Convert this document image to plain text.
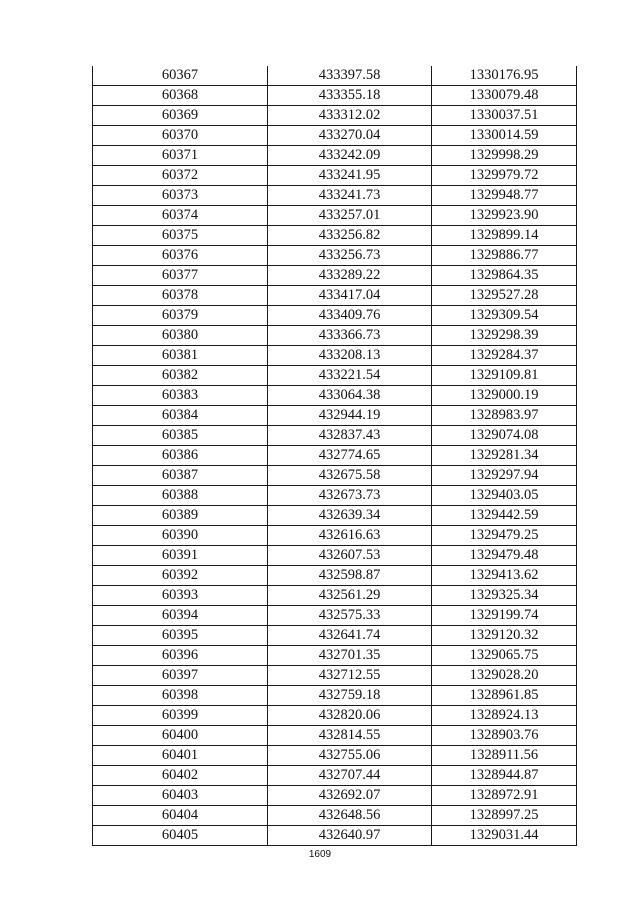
60367	433397.58	1330176.95
60368	433355.18	1330079.48
60369	433312.02	1330037.51
60370	433270.04	1330014.59
60371	433242.09	1329998.29
60372	433241.95	1329979.72
60373	433241.73	1329948.77
60374	433257.01	1329923.90
60375	433256.82	1329899.14
60376	433256.73	1329886.77
60377	433289.22	1329864.35
60378	433417.04	1329527.28
60379	433409.76	1329309.54
60380	433366.73	1329298.39
60381	433208.13	1329284.37
60382	433221.54	1329109.81
60383	433064.38	1329000.19
60384	432944.19	1328983.97
60385	432837.43	1329074.08
60386	432774.65	1329281.34
60387	432675.58	1329297.94
60388	432673.73	1329403.05
60389	432639.34	1329442.59
60390	432616.63	1329479.25
60391	432607.53	1329479.48
60392	432598.87	1329413.62
60393	432561.29	1329325.34
60394	432575.33	1329199.74
60395	432641.74	1329120.32
60396	432701.35	1329065.75
60397	432712.55	1329028.20
60398	432759.18	1328961.85
60399	432820.06	1328924.13
60400	432814.55	1328903.76
60401	432755.06	1328911.56
60402	432707.44	1328944.87
60403	432692.07	1328972.91
60404	432648.56	1328997.25
60405	432640.97	1329031.44
1609
